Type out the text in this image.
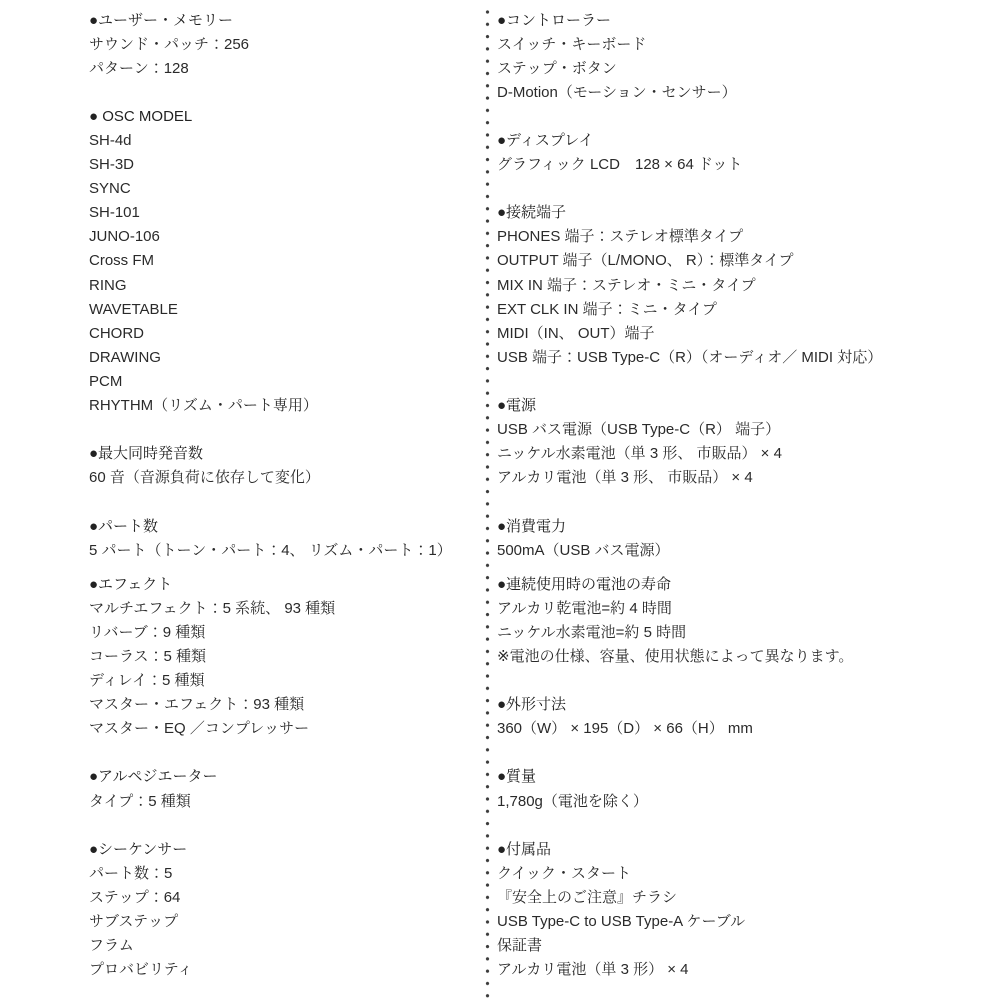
●ユーザー・メモリー
サウンド・パッチ：256
パターン：128
● OSC MODEL
SH-4d
SH-3D
SYNC
SH-101
JUNO-106
Cross FM
RING
WAVETABLE
CHORD
DRAWING
PCM
RHYTHM（リズム・パート専用）
●最大同時発音数
60 音（音源負荷に依存して変化）
●パート数
5 パート（トーン・パート：4、 リズム・パート：1）
●エフェクト
マルチエフェクト：5 系統、 93 種類
リバーブ：9 種類
コーラス：5 種類
ディレイ：5 種類
マスター・エフェクト：93 種類
マスター・EQ ／コンプレッサー
●アルペジエーター
タイプ：5 種類
●シーケンサー
パート数：5
ステップ：64
サブステップ
フラム
プロバビリティ
●コントローラー
スイッチ・キーボード
ステップ・ボタン
D-Motion（モーション・センサー）
●ディスプレイ
グラフィック LCD　128 × 64 ドット
●接続端子
PHONES 端子：ステレオ標準タイプ
OUTPUT 端子（L/MONO、 R）：標準タイプ
MIX IN 端子：ステレオ・ミニ・タイプ
EXT CLK IN 端子：ミニ・タイプ
MIDI（IN、 OUT）端子
USB 端子：USB Type-C（R）（オーディオ／ MIDI 対応）
●電源
USB バス電源（USB Type-C（R） 端子）
ニッケル水素電池（単 3 形、 市販品） × 4
アルカリ電池（単 3 形、 市販品） × 4
●消費電力
500mA（USB バス電源）
●連続使用時の電池の寿命
アルカリ乾電池=約 4 時間
ニッケル水素電池=約 5 時間
※電池の仕様、容量、使用状態によって異なります。
●外形寸法
360（W） × 195（D） × 66（H） mm
●質量
1,780g（電池を除く）
●付属品
クイック・スタート
『安全上のご注意』チラシ
USB Type-C to USB Type-A ケーブル
保証書
アルカリ電池（単 3 形） × 4
